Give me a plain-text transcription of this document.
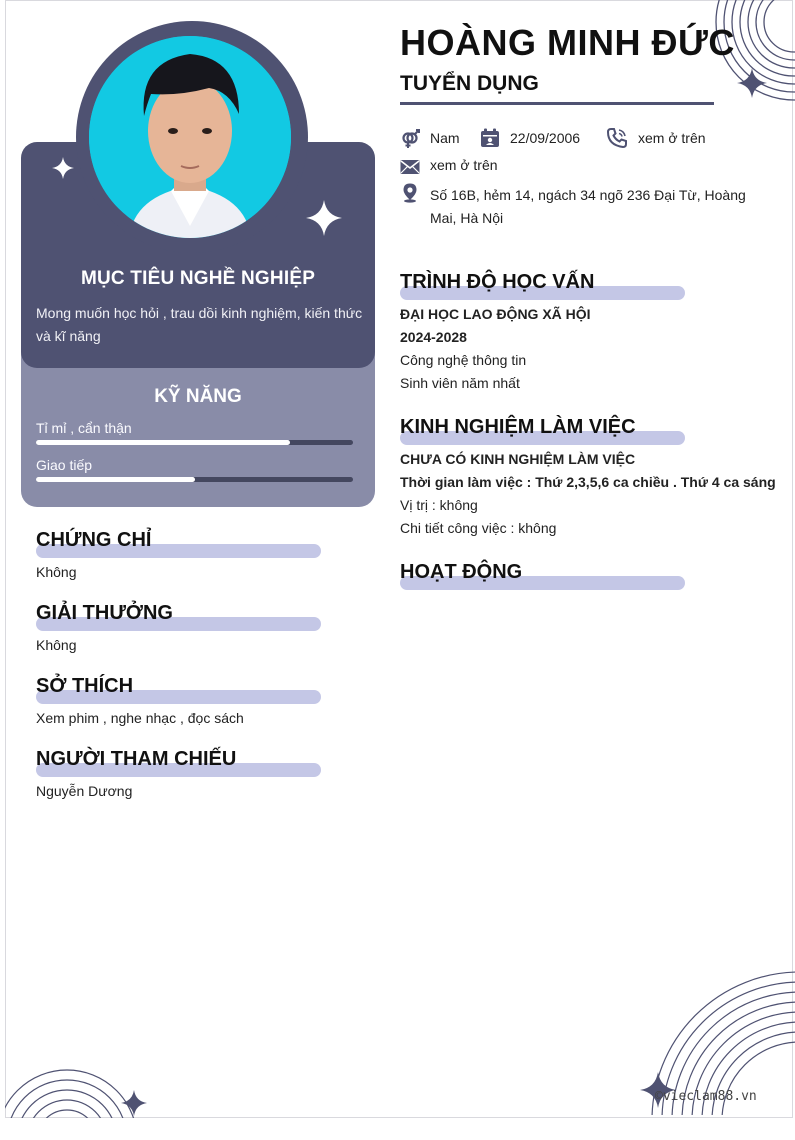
MỤC TIÊU NGHỀ NGHIỆP
Mong muốn học hỏi , trau dồi kinh nghiệm, kiến thức và kĩ năng
KỸ NĂNG
Tỉ mỉ , cẩn thận
Giao tiếp
CHỨNG CHỈ
Không
GIẢI THƯỞNG
Không
SỞ THÍCH
Xem phim , nghe nhạc , đọc sách
NGƯỜI THAM CHIẾU
Nguyễn Dương
HOÀNG MINH ĐỨC
TUYỂN DỤNG
Nam	22/09/2006	xem ở trên
xem ở trên
Số 16B, hẻm 14, ngách 34 ngõ 236 Đại Từ, Hoàng Mai, Hà Nội
TRÌNH ĐỘ HỌC VẤN
ĐẠI HỌC LAO ĐỘNG XÃ HỘI
2024-2028
Công nghệ thông tin
Sinh viên năm nhất
KINH NGHIỆM LÀM VIỆC
CHƯA CÓ KINH NGHIỆM LÀM VIỆC
Thời gian làm việc : Thứ 2,3,5,6 ca chiều . Thứ 4 ca sáng
Vị trị : không
Chi tiết công việc : không
HOẠT ĐỘNG
©vieclam88.vn
